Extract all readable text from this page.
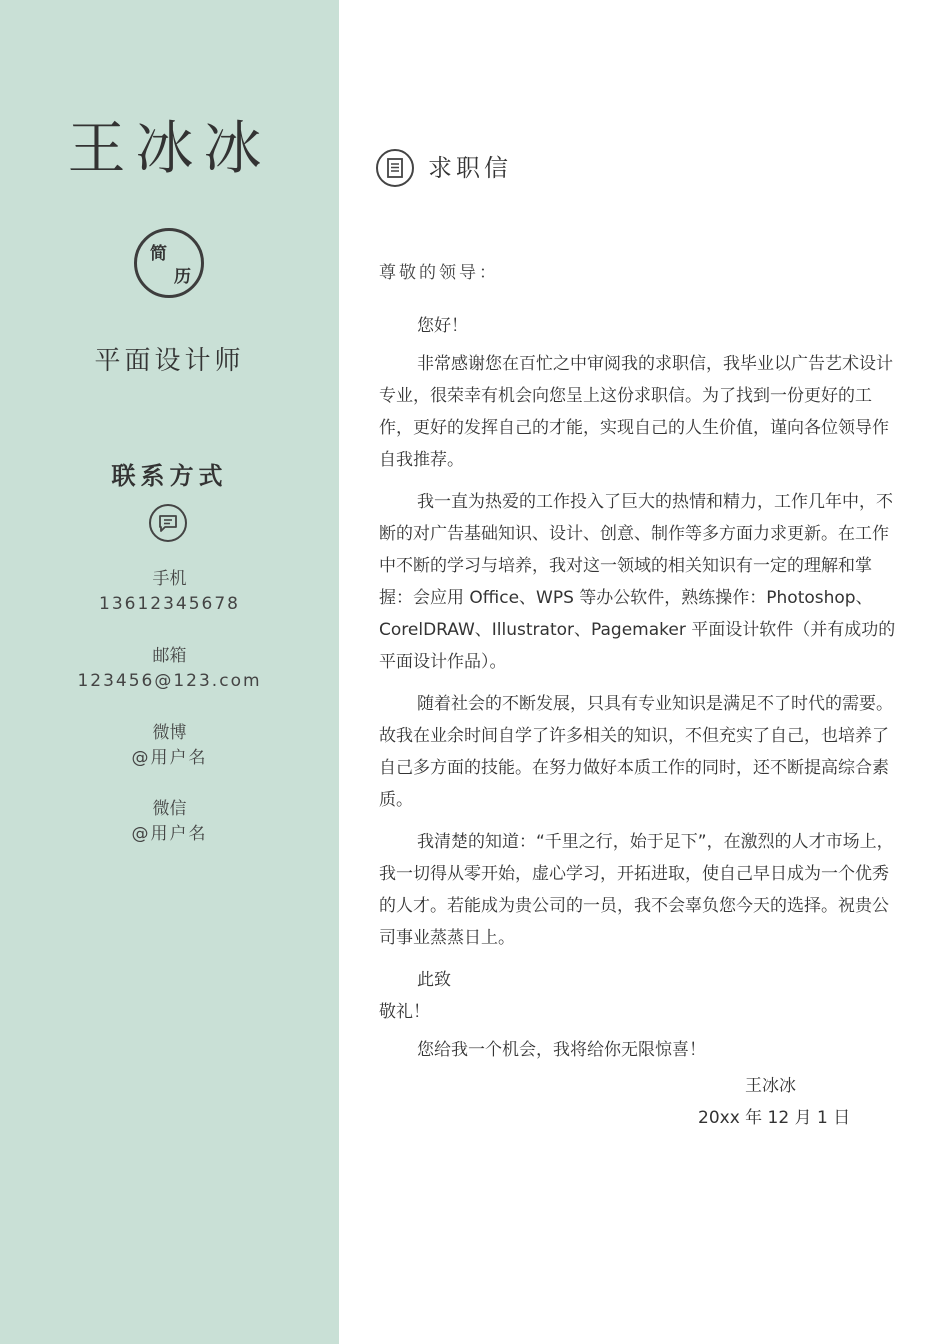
王冰冰
简
历
平面设计师
联系方式
手机
13612345678
邮箱
123456@123.com
微博
@用户名
微信
@用户名
求职信
尊敬的领导：

您好！

非常感谢您在百忙之中审阅我的求职信，我毕业以广告艺术设计专业，很荣幸有机会向您呈上这份求职信。为了找到一份更好的工作，更好的发挥自己的才能，实现自己的人生价值，谨向各位领导作自我推荐。

我一直为热爱的工作投入了巨大的热情和精力，工作几年中，不断的对广告基础知识、设计、创意、制作等多方面力求更新。在工作中不断的学习与培养，我对这一领域的相关知识有一定的理解和掌握：会应用 Office、WPS 等办公软件，熟练操作：Photoshop、CorelDRAW、Illustrator、Pagemaker 平面设计软件（并有成功的平面设计作品）。

随着社会的不断发展，只具有专业知识是满足不了时代的需要。故我在业余时间自学了许多相关的知识，不但充实了自己，也培养了自己多方面的技能。在努力做好本质工作的同时，还不断提高综合素质。

我清楚的知道：“千里之行，始于足下”，在激烈的人才市场上，我一切得从零开始，虚心学习，开拓进取，使自己早日成为一个优秀的人才。若能成为贵公司的一员，我不会辜负您今天的选择。祝贵公司事业蒸蒸日上。

此致

敬礼！

您给我一个机会，我将给你无限惊喜！

王冰冰
20xx 年 12 月 1 日
